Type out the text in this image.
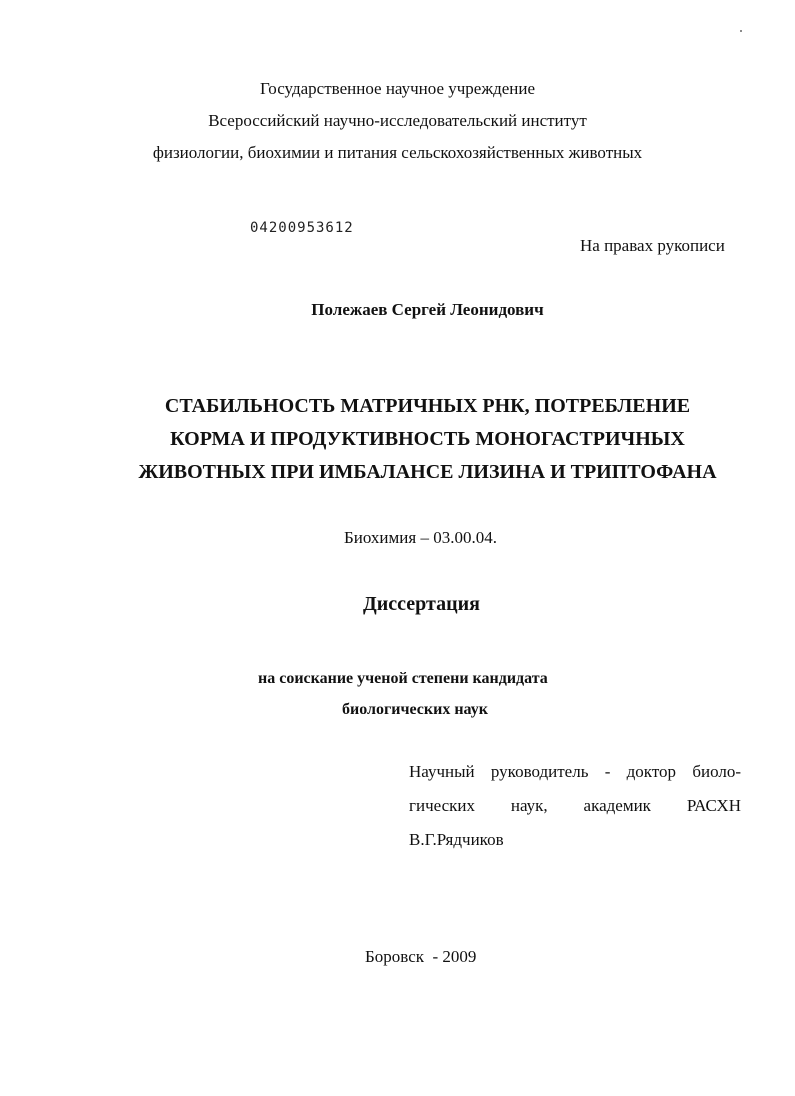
Государственное научное учреждение
Всероссийский научно-исследовательский институт
физиологии, биохимии и питания сельскохозяйственных животных
04200953612
На правах рукописи
Полежаев Сергей Леонидович
СТАБИЛЬНОСТЬ МАТРИЧНЫХ РНК, ПОТРЕБЛЕНИЕ
КОРМА И ПРОДУКТИВНОСТЬ МОНОГАСТРИЧНЫХ
ЖИВОТНЫХ ПРИ ИМБАЛАНСЕ ЛИЗИНА И ТРИПТОФАНА
Биохимия – 03.00.04.
Диссертация
на соискание ученой степени кандидата
биологических наук
Научный руководитель - доктор биоло-
гических наук, академик РАСХН
В.Г.Рядчиков
Боровск  - 2009
